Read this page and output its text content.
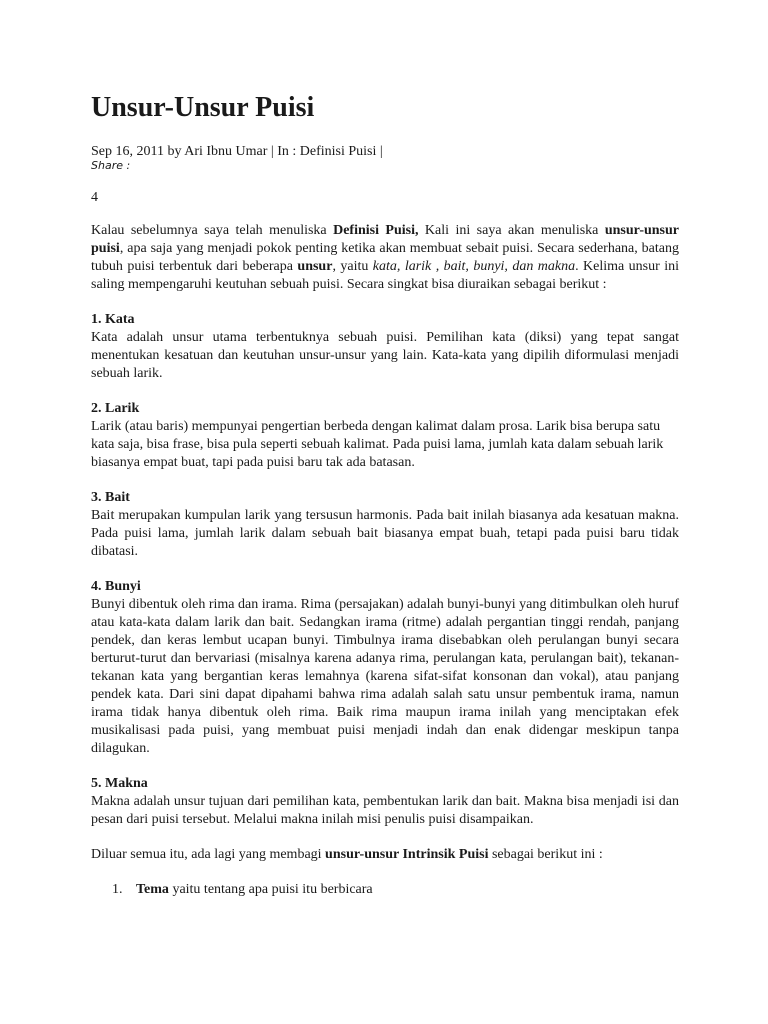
Unsur-Unsur Puisi
Sep 16, 2011 by Ari Ibnu Umar | In : Definisi Puisi |
Share :
4

Kalau sebelumnya saya telah menuliska Definisi Puisi, Kali ini saya akan menuliska unsur-unsur puisi, apa saja yang menjadi pokok penting ketika akan membuat sebait puisi. Secara sederhana, batang tubuh puisi terbentuk dari beberapa unsur, yaitu kata, larik , bait, bunyi, dan makna. Kelima unsur ini saling mempengaruhi keutuhan sebuah puisi. Secara singkat bisa diuraikan sebagai berikut :

1. Kata

Kata adalah unsur utama terbentuknya sebuah puisi. Pemilihan kata (diksi) yang tepat sangat menentukan kesatuan dan keutuhan unsur-unsur yang lain. Kata-kata yang dipilih diformulasi menjadi sebuah larik.

2. Larik

Larik (atau baris) mempunyai pengertian berbeda dengan kalimat dalam prosa. Larik bisa berupa satu kata saja, bisa frase, bisa pula seperti sebuah kalimat. Pada puisi lama, jumlah kata dalam sebuah larik biasanya empat buat, tapi pada puisi baru tak ada batasan.

3. Bait

Bait merupakan kumpulan larik yang tersusun harmonis. Pada bait inilah biasanya ada kesatuan makna. Pada puisi lama, jumlah larik dalam sebuah bait biasanya empat buah, tetapi pada puisi baru tidak dibatasi.

4. Bunyi

Bunyi dibentuk oleh rima dan irama. Rima (persajakan) adalah bunyi-bunyi yang ditimbulkan oleh huruf atau kata-kata dalam larik dan bait. Sedangkan irama (ritme) adalah pergantian tinggi rendah, panjang pendek, dan keras lembut ucapan bunyi. Timbulnya irama disebabkan oleh perulangan bunyi secara berturut-turut dan bervariasi (misalnya karena adanya rima, perulangan kata, perulangan bait), tekanan-tekanan kata yang bergantian keras lemahnya (karena sifat-sifat konsonan dan vokal), atau panjang pendek kata. Dari sini dapat dipahami bahwa rima adalah salah satu unsur pembentuk irama, namun irama tidak hanya dibentuk oleh rima. Baik rima maupun irama inilah yang menciptakan efek musikalisasi pada puisi, yang membuat puisi menjadi indah dan enak didengar meskipun tanpa dilagukan.

5. Makna

Makna adalah unsur tujuan dari pemilihan kata, pembentukan larik dan bait. Makna bisa menjadi isi dan pesan dari puisi tersebut. Melalui makna inilah misi penulis puisi disampaikan.

Diluar semua itu, ada lagi yang membagi unsur-unsur Intrinsik Puisi sebagai berikut ini :

1. Tema yaitu tentang apa puisi itu berbicara
